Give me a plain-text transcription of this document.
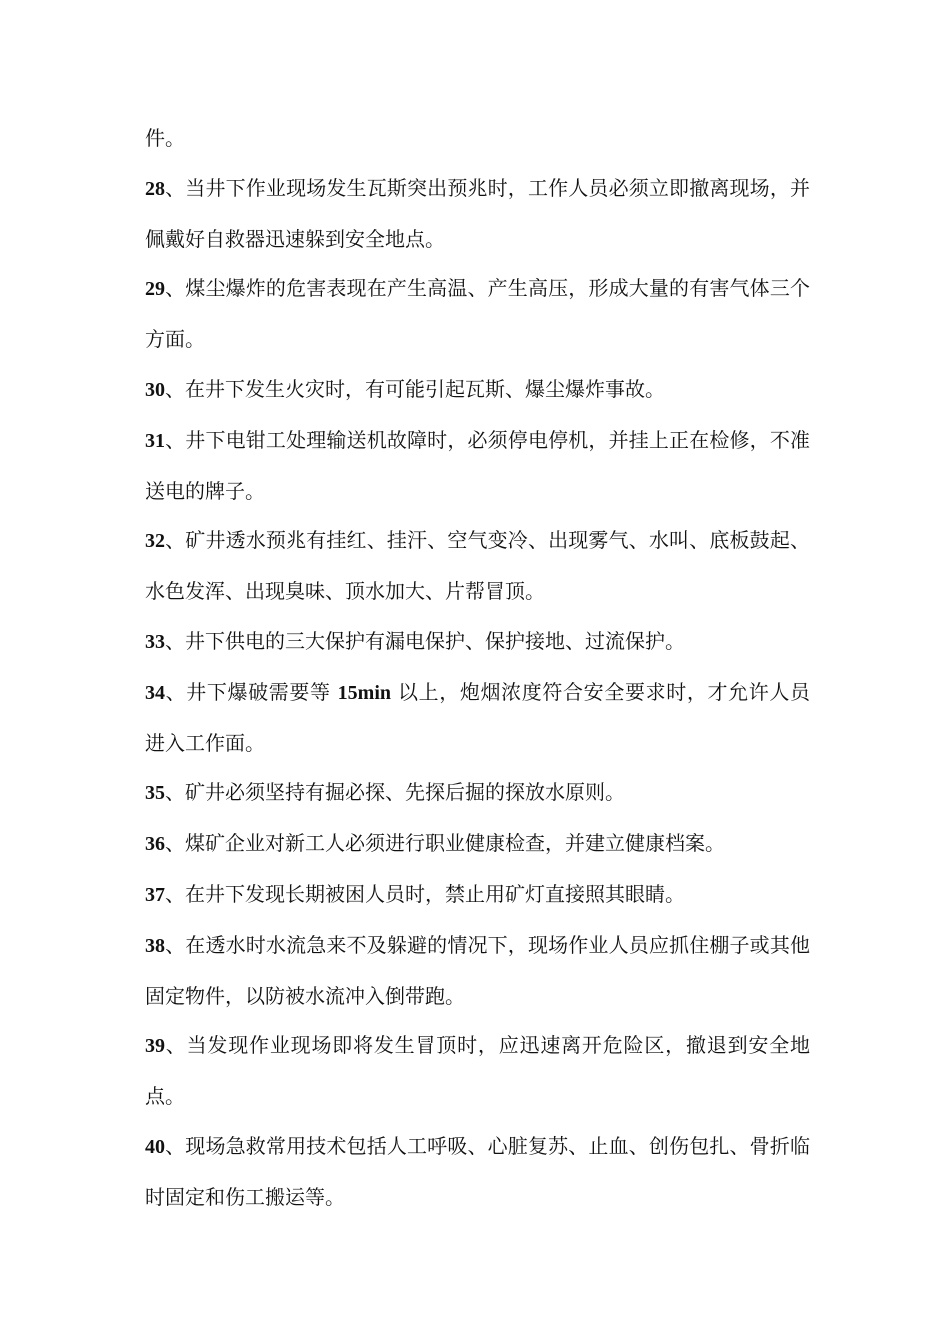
件。

28、当井下作业现场发生瓦斯突出预兆时，工作人员必须立即撤离现场，并佩戴好自救器迅速躲到安全地点。

29、煤尘爆炸的危害表现在产生高温、产生高压，形成大量的有害气体三个方面。

30、在井下发生火灾时，有可能引起瓦斯、爆尘爆炸事故。

31、井下电钳工处理输送机故障时，必须停电停机，并挂上正在检修，不准送电的牌子。

32、矿井透水预兆有挂红、挂汗、空气变冷、出现雾气、水叫、底板鼓起、水色发浑、出现臭味、顶水加大、片帮冒顶。

33、井下供电的三大保护有漏电保护、保护接地、过流保护。

34、井下爆破需要等 15min 以上，炮烟浓度符合安全要求时，才允许人员进入工作面。

35、矿井必须坚持有掘必探、先探后掘的探放水原则。

36、煤矿企业对新工人必须进行职业健康检查，并建立健康档案。

37、在井下发现长期被困人员时，禁止用矿灯直接照其眼睛。

38、在透水时水流急来不及躲避的情况下，现场作业人员应抓住棚子或其他固定物件，以防被水流冲入倒带跑。

39、当发现作业现场即将发生冒顶时，应迅速离开危险区，撤退到安全地点。

40、现场急救常用技术包括人工呼吸、心脏复苏、止血、创伤包扎、骨折临时固定和伤工搬运等。
